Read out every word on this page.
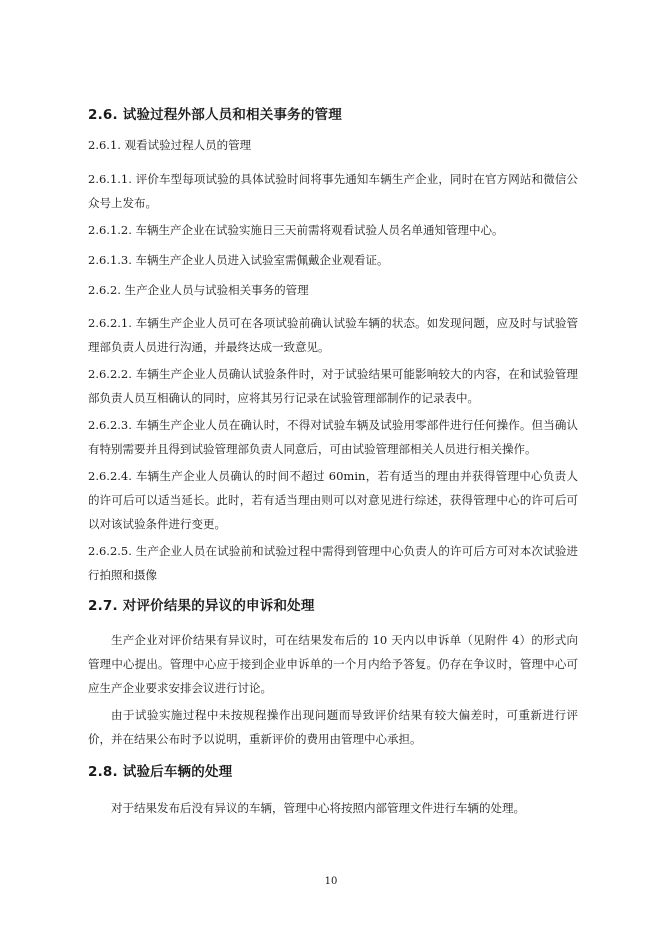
2.6. 试验过程外部人员和相关事务的管理
2.6.1. 观看试验过程人员的管理

2.6.1.1. 评价车型每项试验的具体试验时间将事先通知车辆生产企业，同时在官方网站和微信公众号上发布。

2.6.1.2. 车辆生产企业在试验实施日三天前需将观看试验人员名单通知管理中心。

2.6.1.3. 车辆生产企业人员进入试验室需佩戴企业观看证。

2.6.2. 生产企业人员与试验相关事务的管理

2.6.2.1. 车辆生产企业人员可在各项试验前确认试验车辆的状态。如发现问题，应及时与试验管理部负责人员进行沟通，并最终达成一致意见。

2.6.2.2. 车辆生产企业人员确认试验条件时，对于试验结果可能影响较大的内容，在和试验管理部负责人员互相确认的同时，应将其另行记录在试验管理部制作的记录表中。

2.6.2.3. 车辆生产企业人员在确认时，不得对试验车辆及试验用零部件进行任何操作。但当确认有特别需要并且得到试验管理部负责人同意后，可由试验管理部相关人员进行相关操作。

2.6.2.4. 车辆生产企业人员确认的时间不超过 60min，若有适当的理由并获得管理中心负责人的许可后可以适当延长。此时，若有适当理由则可以对意见进行综述，获得管理中心的许可后可以对该试验条件进行变更。

2.6.2.5. 生产企业人员在试验前和试验过程中需得到管理中心负责人的许可后方可对本次试验进行拍照和摄像

2.7. 对评价结果的异议的申诉和处理

生产企业对评价结果有异议时，可在结果发布后的 10 天内以申诉单（见附件 4）的形式向管理中心提出。管理中心应于接到企业申诉单的一个月内给予答复。仍存在争议时，管理中心可应生产企业要求安排会议进行讨论。

由于试验实施过程中未按规程操作出现问题而导致评价结果有较大偏差时，可重新进行评价，并在结果公布时予以说明，重新评价的费用由管理中心承担。

2.8. 试验后车辆的处理

对于结果发布后没有异议的车辆，管理中心将按照内部管理文件进行车辆的处理。

10
